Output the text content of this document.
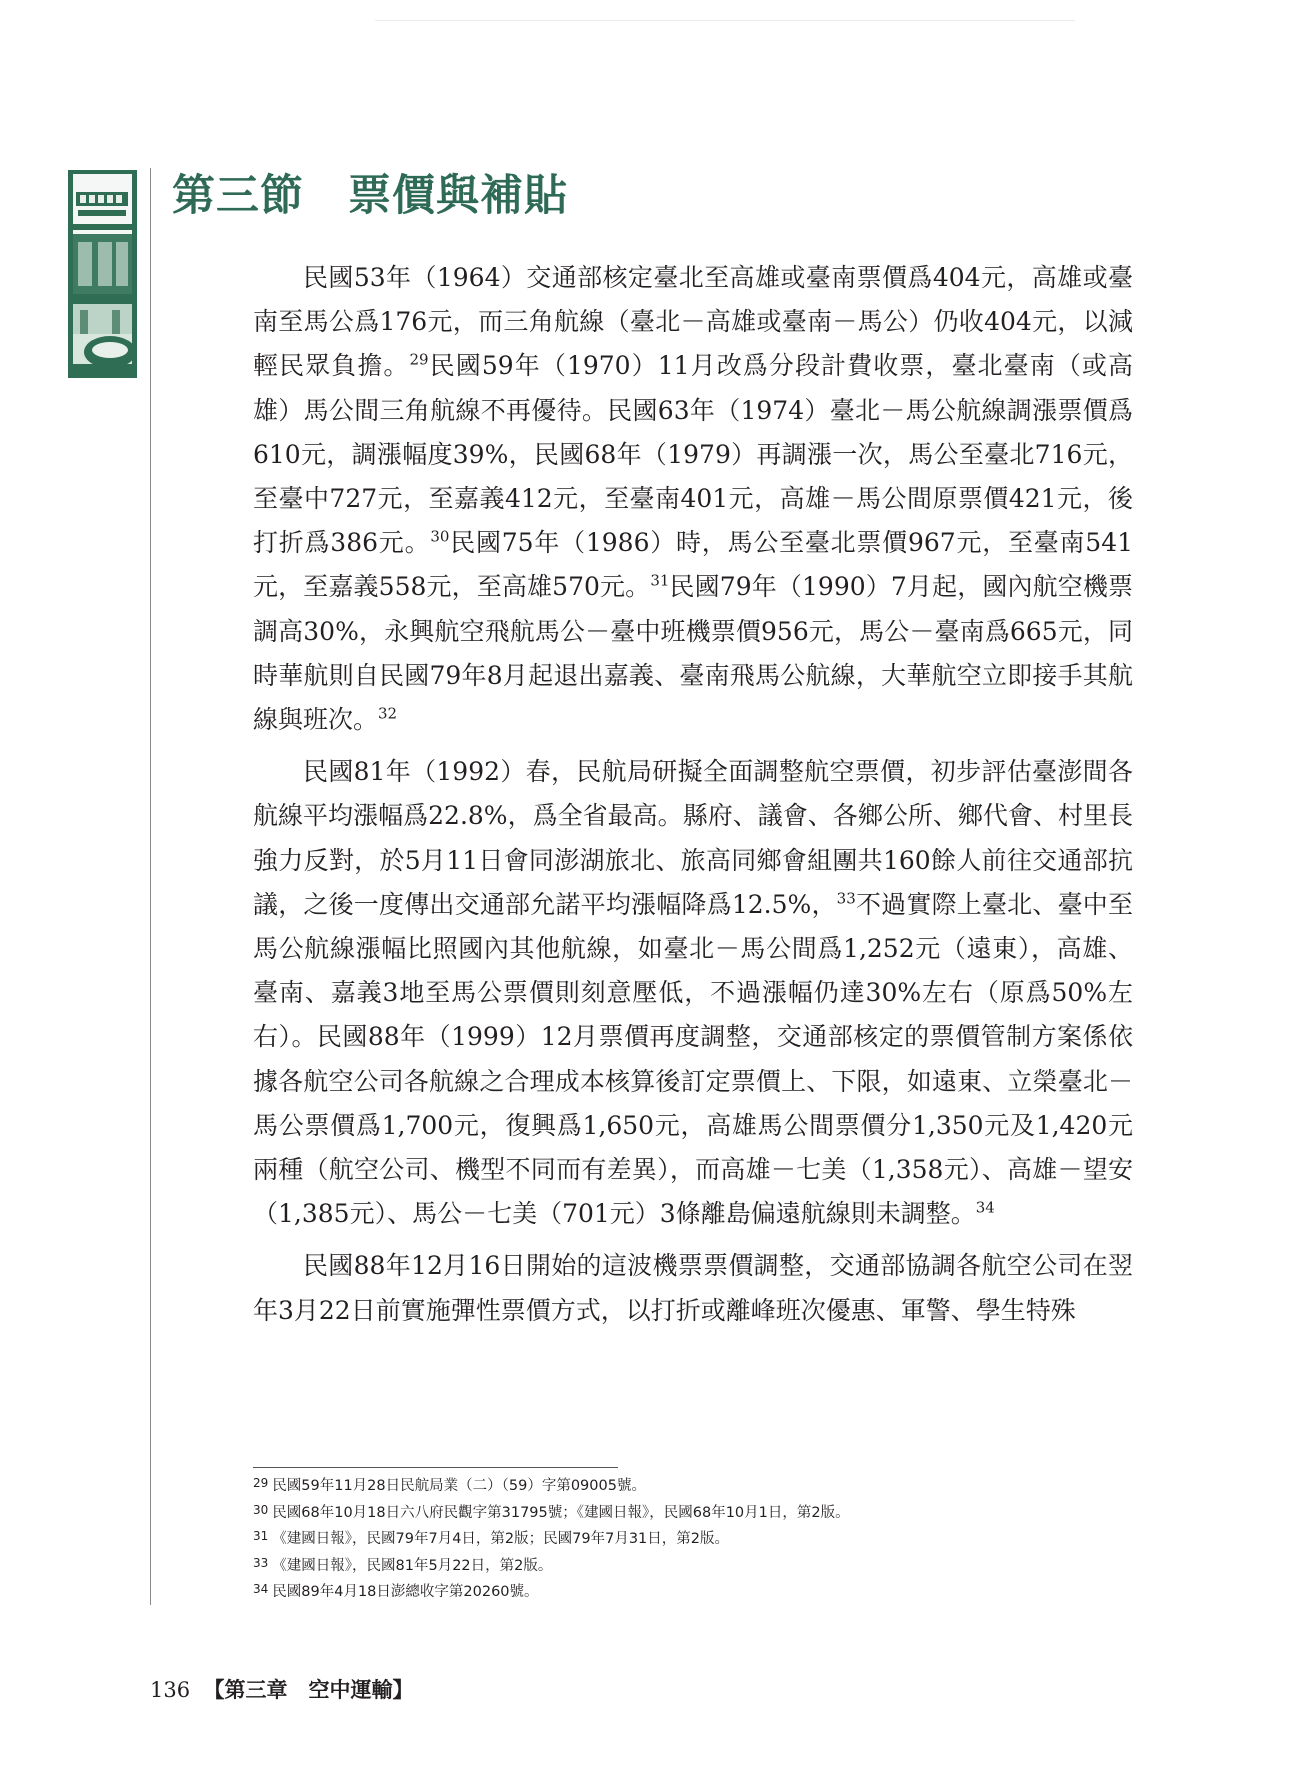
第三節　票價與補貼

民國53年（1964）交通部核定臺北至高雄或臺南票價爲404元，高雄或臺南至馬公爲176元，而三角航線（臺北－高雄或臺南－馬公）仍收404元，以減輕民眾負擔。$^{29}$民國59年（1970）11月改爲分段計費收票，臺北臺南（或高雄）馬公間三角航線不再優待。民國63年（1974）臺北－馬公航線調漲票價爲610元，調漲幅度39%，民國68年（1979）再調漲一次，馬公至臺北716元，至臺中727元，至嘉義412元，至臺南401元，高雄－馬公間原票價421元，後打折爲386元。$^{30}$民國75年（1986）時，馬公至臺北票價967元，至臺南541元，至嘉義558元，至高雄570元。$^{31}$民國79年（1990）7月起，國內航空機票調高30%，永興航空飛航馬公－臺中班機票價956元，馬公－臺南爲665元，同時華航則自民國79年8月起退出嘉義、臺南飛馬公航線，大華航空立即接手其航線與班次。$^{32}$

民國81年（1992）春，民航局研擬全面調整航空票價，初步評估臺澎間各航線平均漲幅爲22.8%，爲全省最高。縣府、議會、各鄉公所、鄉代會、村里長強力反對，於5月11日會同澎湖旅北、旅高同鄉會組團共160餘人前往交通部抗議，之後一度傳出交通部允諾平均漲幅降爲12.5%，$^{33}$不過實際上臺北、臺中至馬公航線漲幅比照國內其他航線，如臺北－馬公間爲1,252元（遠東），高雄、臺南、嘉義3地至馬公票價則刻意壓低，不過漲幅仍達30%左右（原爲50%左右）。民國88年（1999）12月票價再度調整，交通部核定的票價管制方案係依據各航空公司各航線之合理成本核算後訂定票價上、下限，如遠東、立榮臺北－馬公票價爲1,700元，復興爲1,650元，高雄馬公間票價分1,350元及1,420元兩種（航空公司、機型不同而有差異），而高雄－七美（1,358元）、高雄－望安（1,385元）、馬公－七美（701元）3條離島偏遠航線則未調整。$^{34}$

民國88年12月16日開始的這波機票票價調整，交通部協調各航空公司在翌年3月22日前實施彈性票價方式，以打折或離峰班次優惠、軍警、學生特殊

$^{29}$ 民國59年11月28日民航局業（二）（59）字第09005號。
$^{30}$ 民國68年10月18日六八府民觀字第31795號；《建國日報》，民國68年10月1日，第2版。
$^{31}$ 《建國日報》，民國79年7月4日，第2版；民國79年7月31日，第2版。
$^{33}$ 《建國日報》，民國81年5月22日，第2版。
$^{34}$ 民國89年4月18日澎總收字第20260號。
136 【第三章　空中運輸】
